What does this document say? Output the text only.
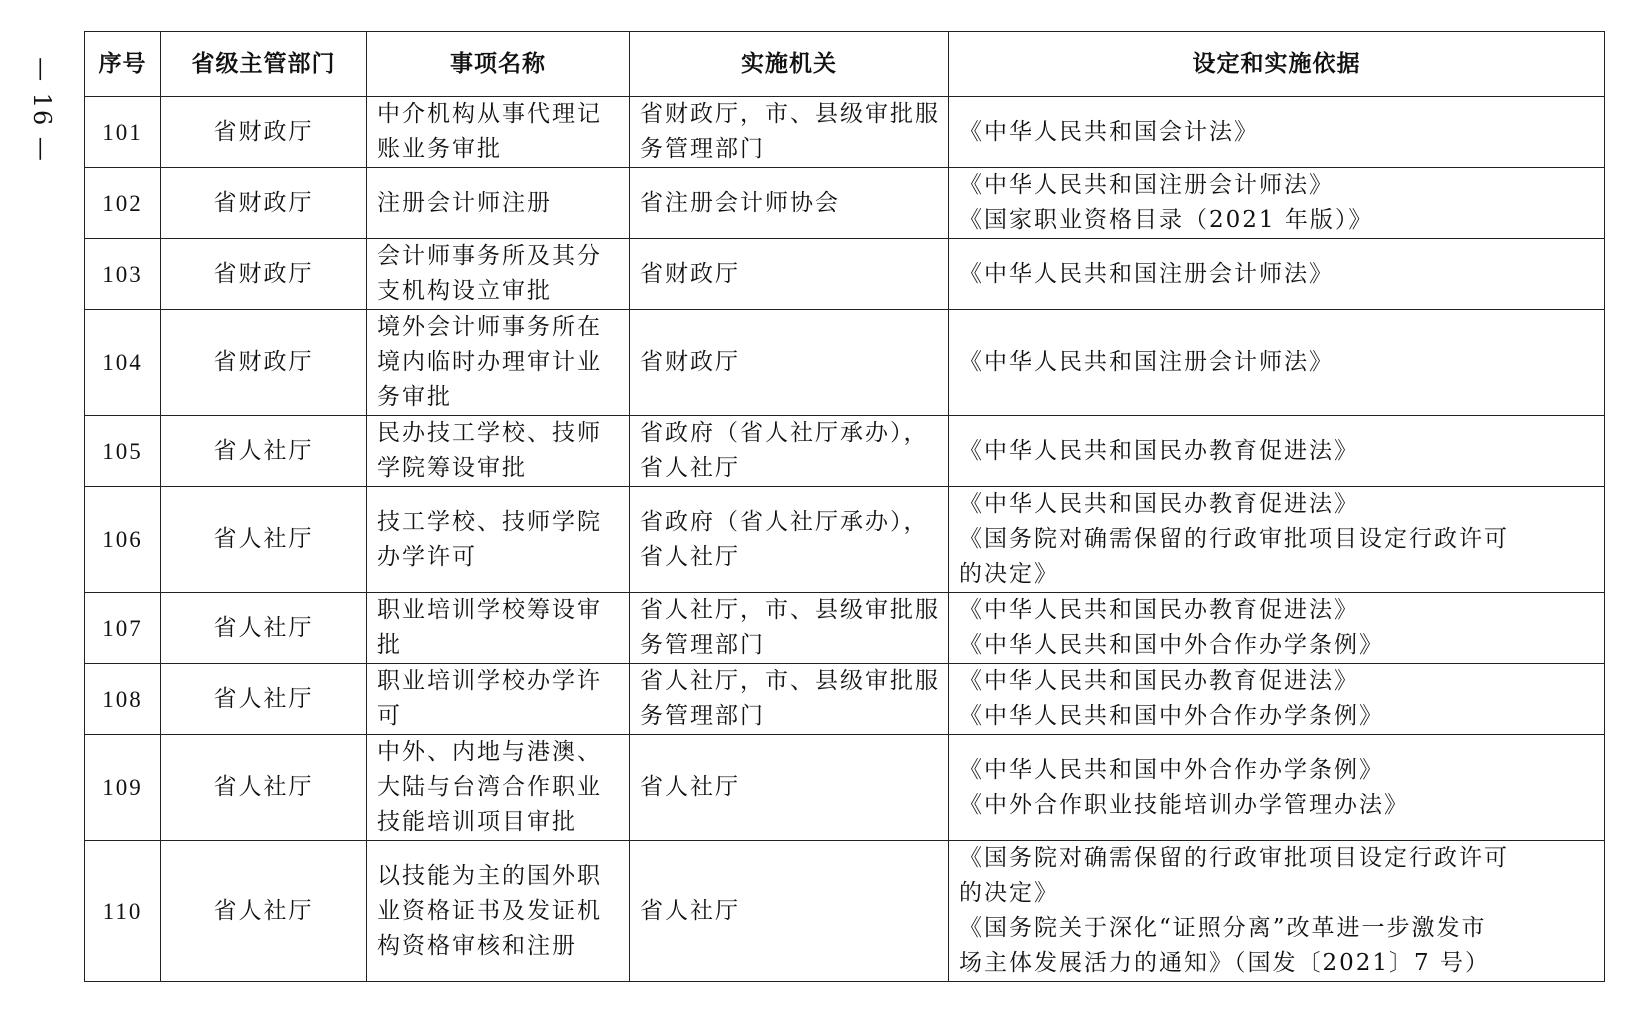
— 16 — 序号	省级主管部门	事项名称	实施机关	设定和实施依据
101	省财政厅	中介机构从事代理记
账业务审批	省财政厅，市、县级审批服
务管理部门	《中华人民共和国会计法》

102	省财政厅	注册会计师注册	省注册会计师协会	《中华人民共和国注册会计师法》
《国家职业资格目录（2021 年版）》

103	省财政厅	会计师事务所及其分
支机构设立审批	省财政厅	《中华人民共和国注册会计师法》

104	省财政厅	境外会计师事务所在
境内临时办理审计业
务审批	省财政厅	《中华人民共和国注册会计师法》

105	省人社厅	民办技工学校、技师
学院筹设审批	省政府（省人社厅承办），
省人社厅	《中华人民共和国民办教育促进法》

106	省人社厅	技工学校、技师学院
办学许可	省政府（省人社厅承办），
省人社厅	《中华人民共和国民办教育促进法》
《国务院对确需保留的行政审批项目设定行政许可
的决定》

107	省人社厅	职业培训学校筹设审
批	省人社厅，市、县级审批服
务管理部门	《中华人民共和国民办教育促进法》
《中华人民共和国中外合作办学条例》

108	省人社厅	职业培训学校办学许
可	省人社厅，市、县级审批服
务管理部门	《中华人民共和国民办教育促进法》
《中华人民共和国中外合作办学条例》

109	省人社厅	中外、内地与港澳、
大陆与台湾合作职业
技能培训项目审批	省人社厅	《中华人民共和国中外合作办学条例》
《中外合作职业技能培训办学管理办法》

110	省人社厅	以技能为主的国外职
业资格证书及发证机
构资格审核和注册	省人社厅	《国务院对确需保留的行政审批项目设定行政许可
的决定》
《国务院关于深化“证照分离”改革进一步激发市
场主体发展活力的通知》（国发〔2021〕7 号）
